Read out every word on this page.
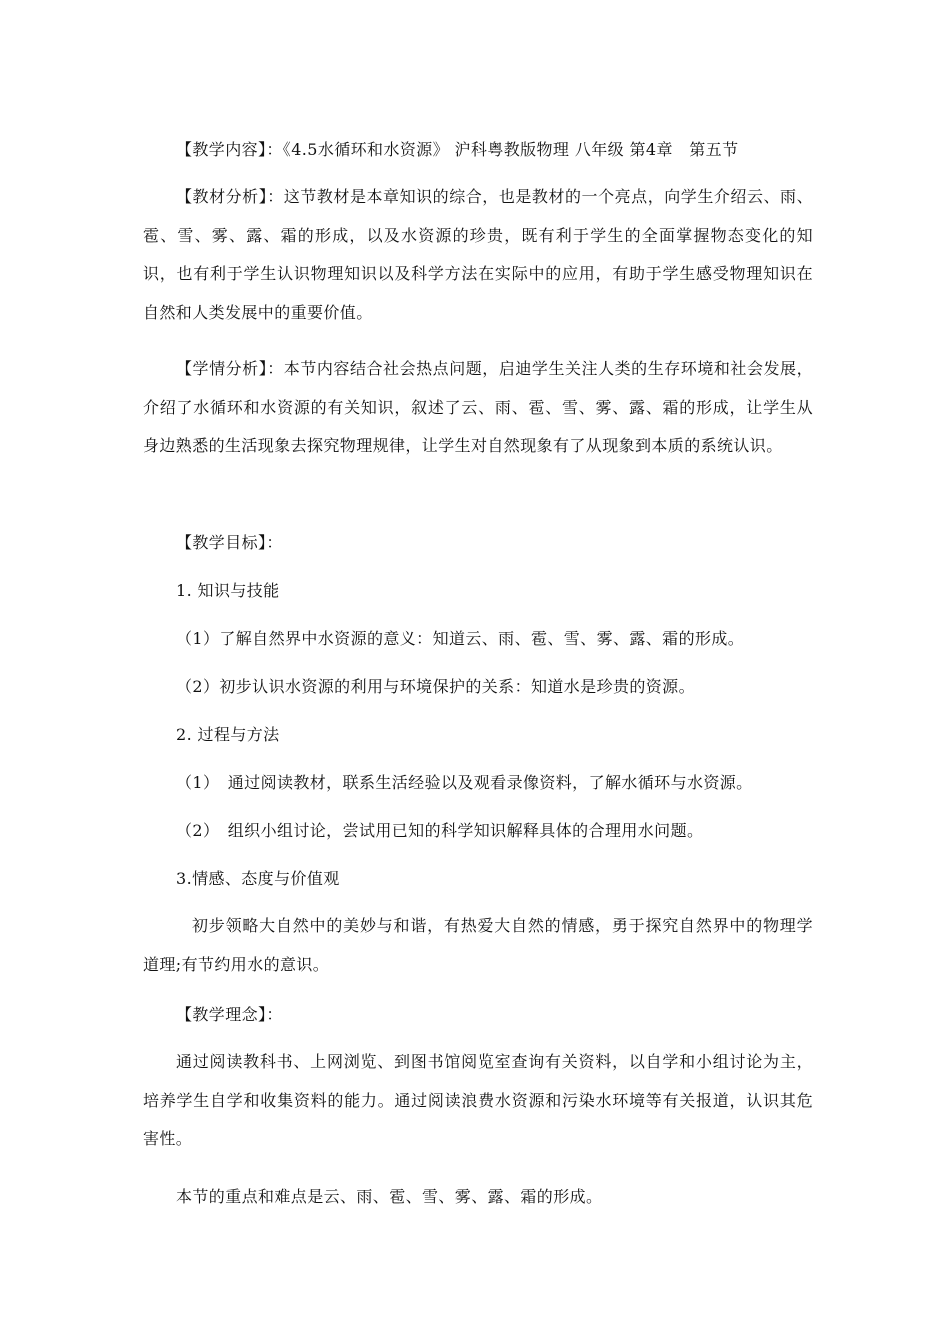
【教学内容】：《4.5水循环和水资源》 沪科粤教版物理 八年级 第4章　第五节

【教材分析】：这节教材是本章知识的综合，也是教材的一个亮点，向学生介绍云、雨、雹、雪、雾、露、霜的形成，以及水资源的珍贵，既有利于学生的全面掌握物态变化的知识，也有利于学生认识物理知识以及科学方法在实际中的应用，有助于学生感受物理知识在自然和人类发展中的重要价值。

【学情分析】：本节内容结合社会热点问题，启迪学生关注人类的生存环境和社会发展，介绍了水循环和水资源的有关知识，叙述了云、雨、雹、雪、雾、露、霜的形成，让学生从身边熟悉的生活现象去探究物理规律，让学生对自然现象有了从现象到本质的系统认识。

【教学目标】：

1. 知识与技能

（1）了解自然界中水资源的意义：知道云、雨、雹、雪、雾、露、霜的形成。

（2）初步认识水资源的利用与环境保护的关系：知道水是珍贵的资源。

2. 过程与方法

（1）　通过阅读教材，联系生活经验以及观看录像资料，了解水循环与水资源。

（2）　组织小组讨论，尝试用已知的科学知识解释具体的合理用水问题。

3.情感、态度与价值观

初步领略大自然中的美妙与和谐，有热爱大自然的情感，勇于探究自然界中的物理学道理;有节约用水的意识。

【教学理念】：

通过阅读教科书、上网浏览、到图书馆阅览室查询有关资料，以自学和小组讨论为主，培养学生自学和收集资料的能力。通过阅读浪费水资源和污染水环境等有关报道，认识其危害性。

本节的重点和难点是云、雨、雹、雪、雾、露、霜的形成。
